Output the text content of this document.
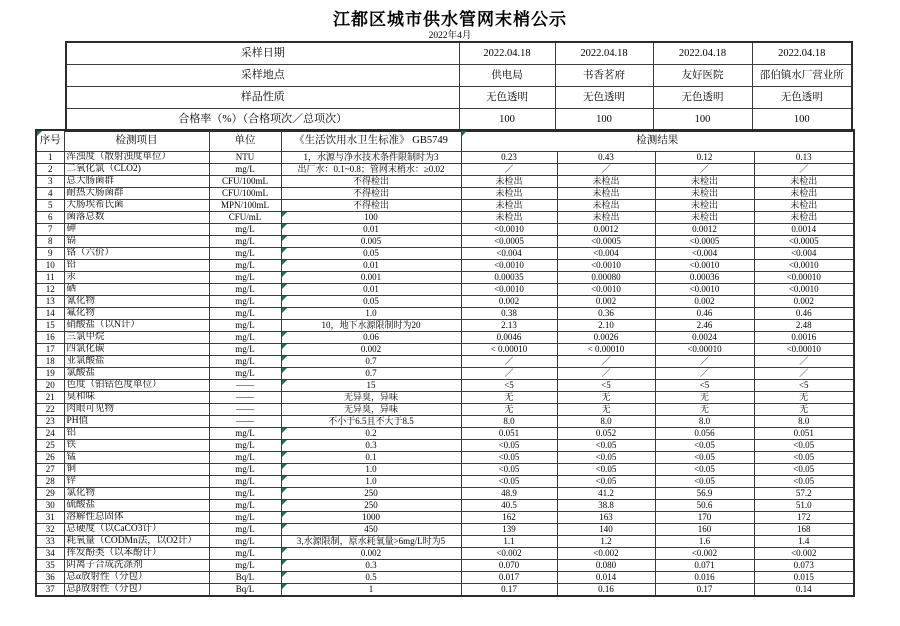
江都区城市供水管网末梢公示
2022年4月
采样日期	2022.04.18	2022.04.18	2022.04.18	2022.04.18
采样地点	供电局	书香茗府	友好医院	邵伯镇水厂营业所
样品性质	无色透明	无色透明	无色透明	无色透明
合格率（%）（合格项次／总项次）	100	100	100	100
序号	检测项目	单位	《生活饮用水卫生标准》 GB5749	检测结果			
1	浑浊度（散射浊度单位）	NTU	1，水源与净水技术条件限制时为3	0.23	0.43	0.12	0.13
2	二氧化氯（CLO2)	mg/L	出厂水：0.1~0.8；管网末梢水：≥0.02	／	／	／	／
3	总大肠菌群	CFU/100mL	不得检出	未检出	未检出	未检出	未检出
4	耐热大肠菌群	CFU/100mL	不得检出	未检出	未检出	未检出	未检出
5	大肠埃希氏菌	MPN/100mL	不得检出	未检出	未检出	未检出	未检出
6	菌落总数	CFU/mL	100	未检出	未检出	未检出	未检出
7	砷	mg/L	0.01	<0.0010	0.0012	0.0012	0.0014
8	镉	mg/L	0.005	<0.0005	<0.0005	<0.0005	<0.0005
9	铬（六价）	mg/L	0.05	<0.004	<0.004	<0.004	<0.004
10	铅	mg/L	0.01	<0.0010	<0.0010	<0.0010	<0.0010
11	汞	mg/L	0.001	0.00035	0.00080	0.00036	<0.00010
12	硒	mg/L	0.01	<0.0010	<0.0010	<0.0010	<0.0010
13	氰化物	mg/L	0.05	0.002	0.002	0.002	0.002
14	氟化物	mg/L	1.0	0.38	0.36	0.46	0.46
15	硝酸盐（以N计）	mg/L	10，地下水源限制时为20	2.13	2.10	2.46	2.48
16	三氯甲烷	mg/L	0.06	0.0046	0.0026	0.0024	0.0016
17	四氯化碳	mg/L	0.002	< 0.00010	< 0.00010	<0.00010	<0.00010
18	亚氯酸盐	mg/L	0.7	／	／	／	／
19	氯酸盐	mg/L	0.7	／	／	／	／
20	色度（铂钴色度单位）	——	15	<5	<5	<5	<5
21	臭和味	——	无异臭，异味	无	无	无	无
22	肉眼可见物	——	无异臭，异味	无	无	无	无
23	PH值	——	不小于6.5且不大于8.5	8.0	8.0	8.0	8.0
24	铝	mg/L	0.2	0.051	0.052	0.056	0.051
25	铁	mg/L	0.3	<0.05	<0.05	<0.05	<0.05
26	锰	mg/L	0.1	<0.05	<0.05	<0.05	<0.05
27	铜	mg/L	1.0	<0.05	<0.05	<0.05	<0.05
28	锌	mg/L	1.0	<0.05	<0.05	<0.05	<0.05
29	氯化物	mg/L	250	48.9	41.2	56.9	57.2
30	硫酸盐	mg/L	250	40.5	38.8	50.6	51.0
31	溶解性总固体	mg/L	1000	162	163	170	172
32	总硬度（以CaCO3计）	mg/L	450	139	140	160	168
33	耗氧量（CODMn法，以O2计）	mg/L	3,水源限制，原水耗氧量>6mg/L时为5	1.1	1.2	1.6	1.4
34	挥发酚类（以苯酚计）	mg/L	0.002	<0.002	<0.002	<0.002	<0.002
35	阴离子合成洗涤剂	mg/L	0.3	0.070	0.080	0.071	0.073
36	总α放射性（分包）	Bq/L	0.5	0.017	0.014	0.016	0.015
37	总β放射性（分包）	Bq/L	1	0.17	0.16	0.17	0.14
